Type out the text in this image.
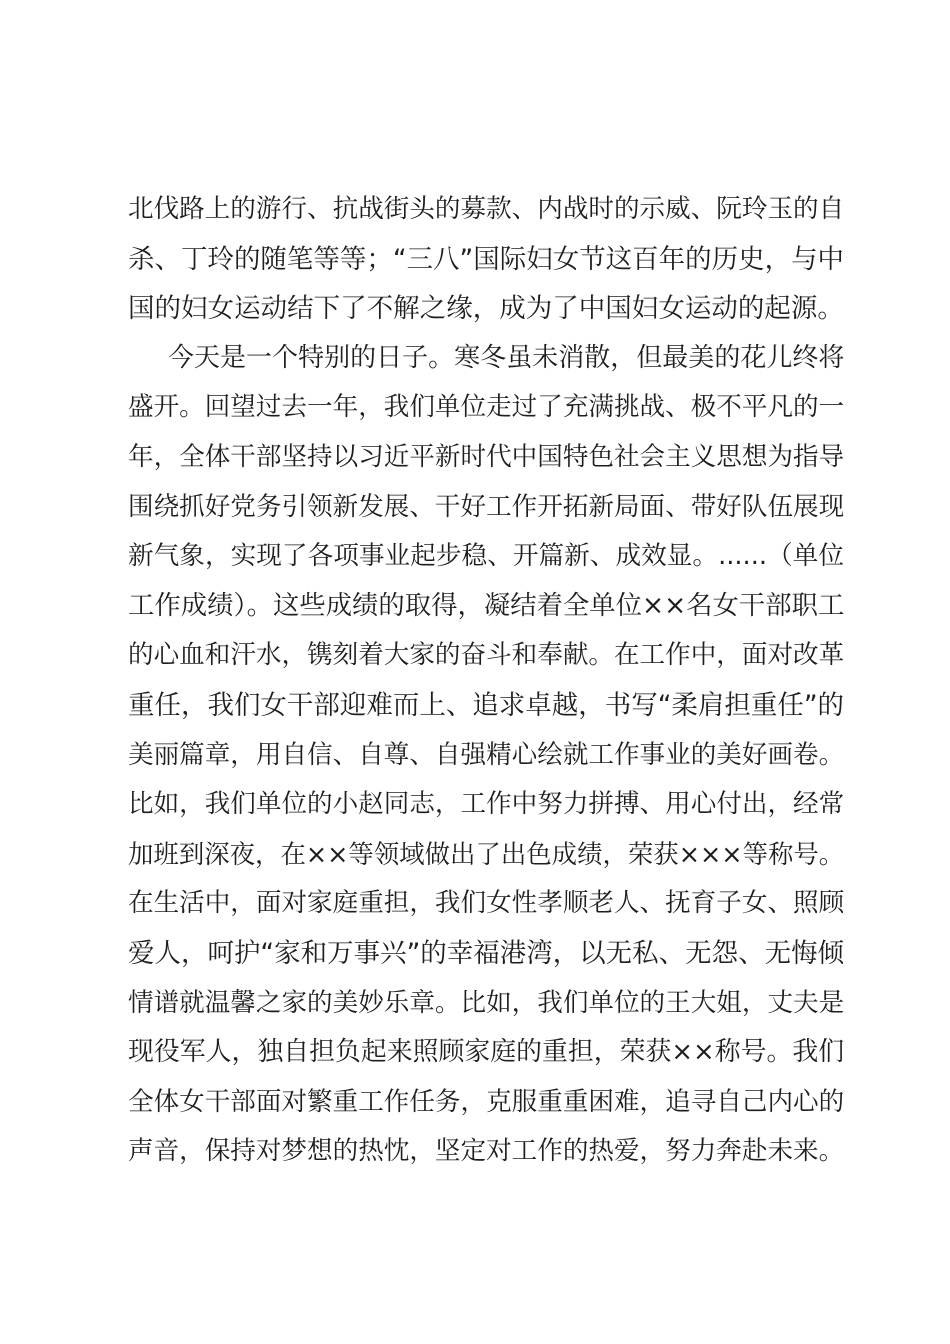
北伐路上的游行、抗战街头的募款、内战时的示威、阮玲玉的自
杀、丁玲的随笔等等；“三八”国际妇女节这百年的历史，与中
国的妇女运动结下了不解之缘，成为了中国妇女运动的起源。
今天是一个特别的日子。寒冬虽未消散，但最美的花儿终将
盛开。回望过去一年，我们单位走过了充满挑战、极不平凡的一
年，全体干部坚持以习近平新时代中国特色社会主义思想为指导
围绕抓好党务引领新发展、干好工作开拓新局面、带好队伍展现
新气象，实现了各项事业起步稳、开篇新、成效显。......（单位
工作成绩）。这些成绩的取得，凝结着全单位××名女干部职工
的心血和汗水，镌刻着大家的奋斗和奉献。在工作中，面对改革
重任，我们女干部迎难而上、追求卓越，书写“柔肩担重任”的
美丽篇章，用自信、自尊、自强精心绘就工作事业的美好画卷。
比如，我们单位的小赵同志，工作中努力拼搏、用心付出，经常
加班到深夜，在××等领域做出了出色成绩，荣获×××等称号。
在生活中，面对家庭重担，我们女性孝顺老人、抚育子女、照顾
爱人，呵护“家和万事兴”的幸福港湾，以无私、无怨、无悔倾
情谱就温馨之家的美妙乐章。比如，我们单位的王大姐，丈夫是
现役军人，独自担负起来照顾家庭的重担，荣获××称号。我们
全体女干部面对繁重工作任务，克服重重困难，追寻自己内心的
声音，保持对梦想的热忱，坚定对工作的热爱，努力奔赴未来。
